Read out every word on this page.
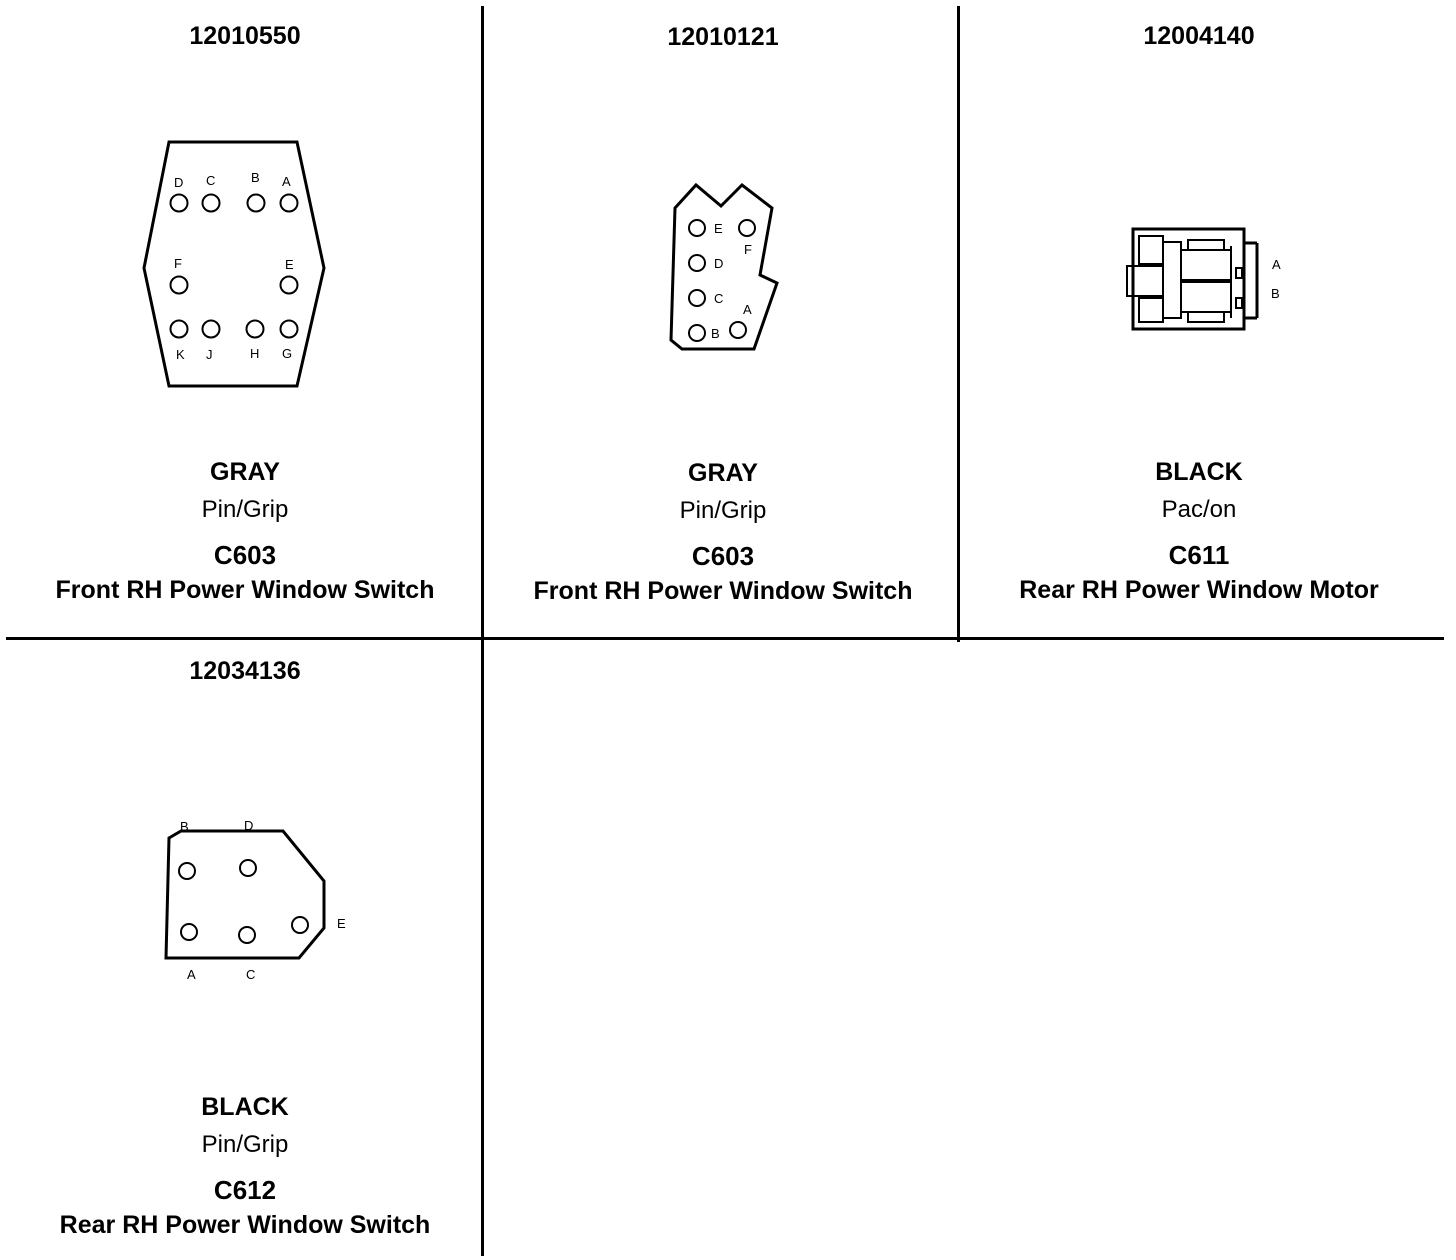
12010550
D C	B A
F	E
K J	H G
GRAY
Pin/Grip
C603
Front RH Power Window Switch
12010121
E
F
D
C
A
B
GRAY
Pin/Grip
C603
Front RH Power Window Switch
12004140
A
B
BLACK
Pac/on
C611
Rear RH Power Window Motor
12034136
B	D
E
A	C
BLACK
Pin/Grip
C612
Rear RH Power Window Switch
